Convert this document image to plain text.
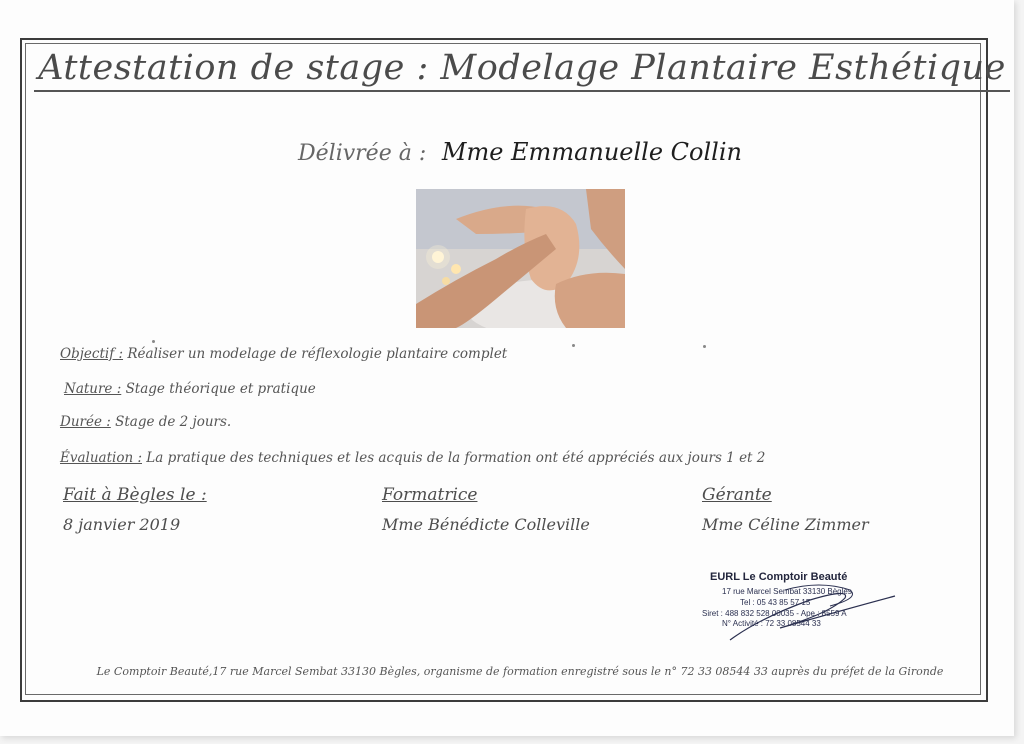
Attestation de stage : Modelage Plantaire Esthétique
Délivrée à : Mme Emmanuelle Collin
Objectif : Réaliser un modelage de réflexologie plantaire complet
Nature : Stage théorique et pratique
Durée : Stage de 2 jours.
Évaluation : La pratique des techniques et les acquis de la formation ont été appréciés aux jours 1 et 2
Fait à Bègles le :
8 janvier 2019
Formatrice
Mme Bénédicte Colleville
Gérante
Mme Céline Zimmer
EURL Le Comptoir Beauté
17 rue Marcel Sembat 33130 Bègles
Tel : 05 43 85 57 15
Siret : 488 832 528 00035 - Ape : 8559 A
N° Activité : 72 33 08544 33
Le Comptoir Beauté,17 rue Marcel Sembat 33130 Bègles, organisme de formation enregistré sous le n° 72 33 08544 33 auprès du préfet de la Gironde
